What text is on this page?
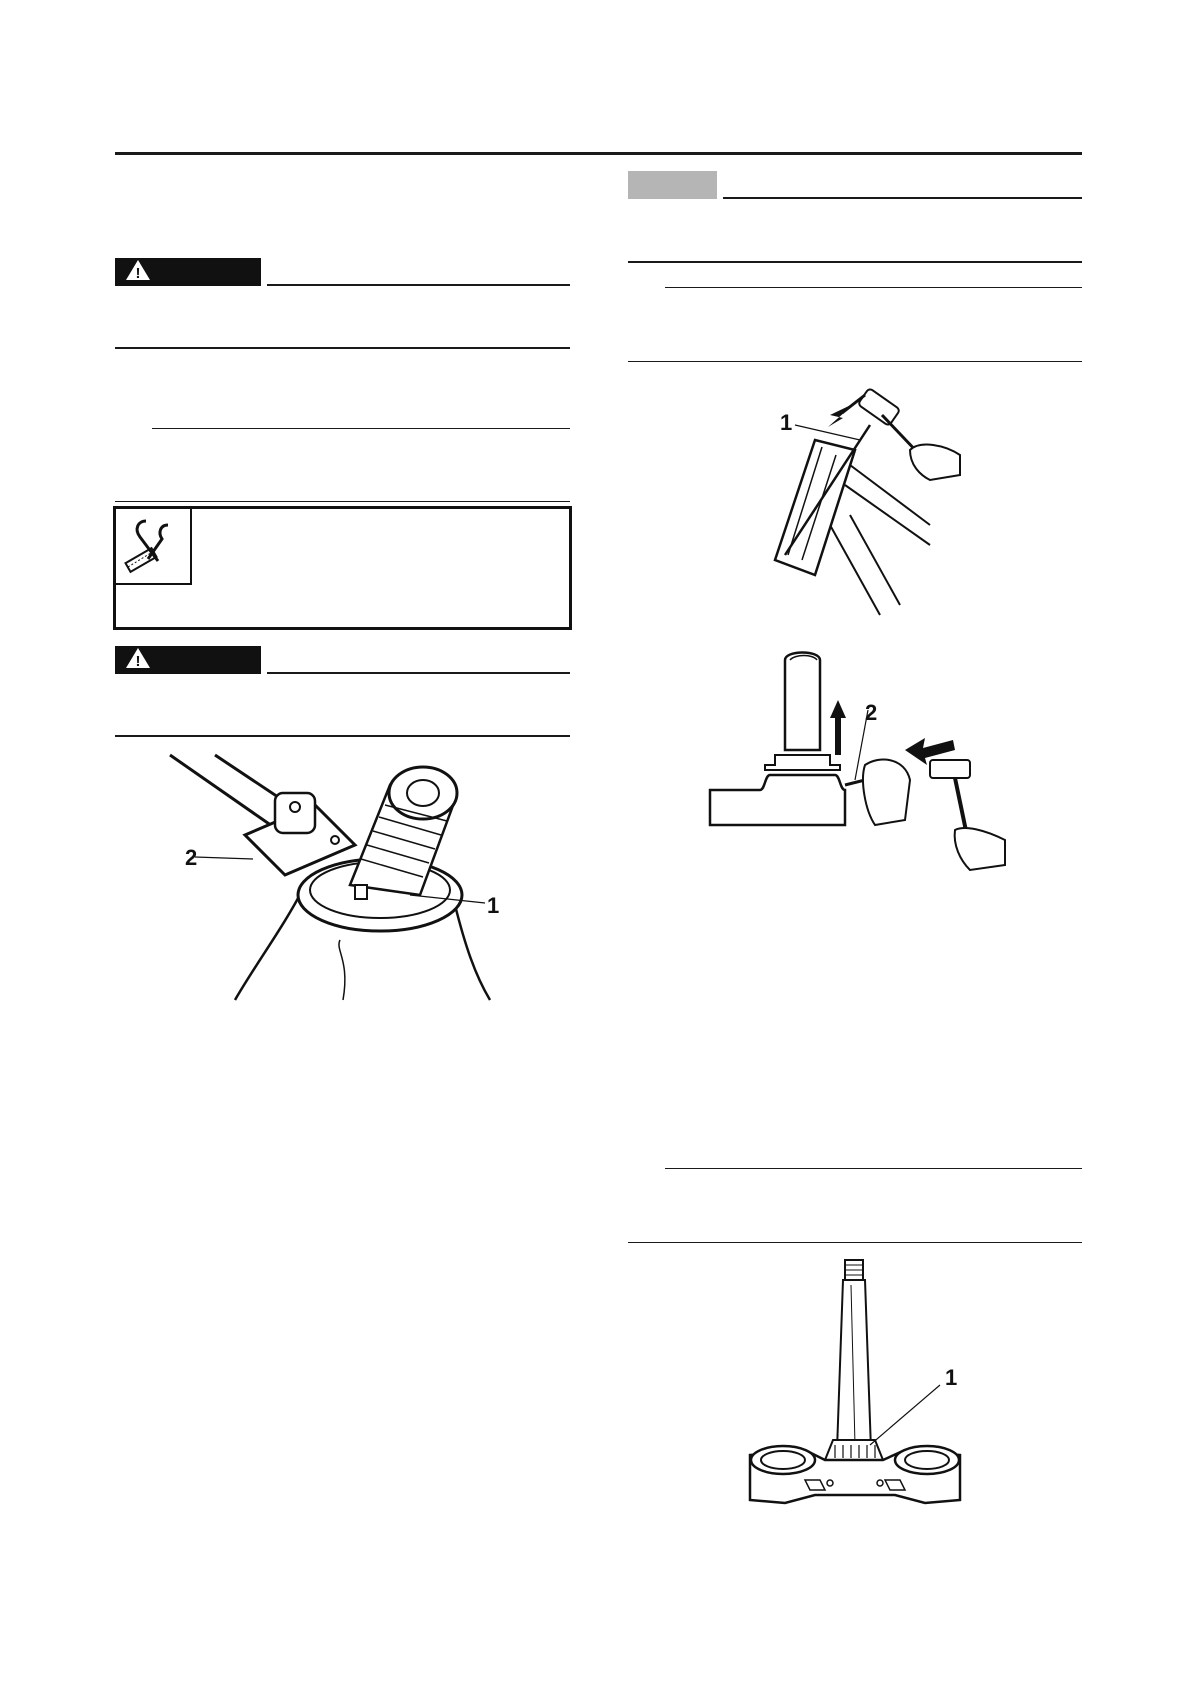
!
!
2
1
1
2
1
